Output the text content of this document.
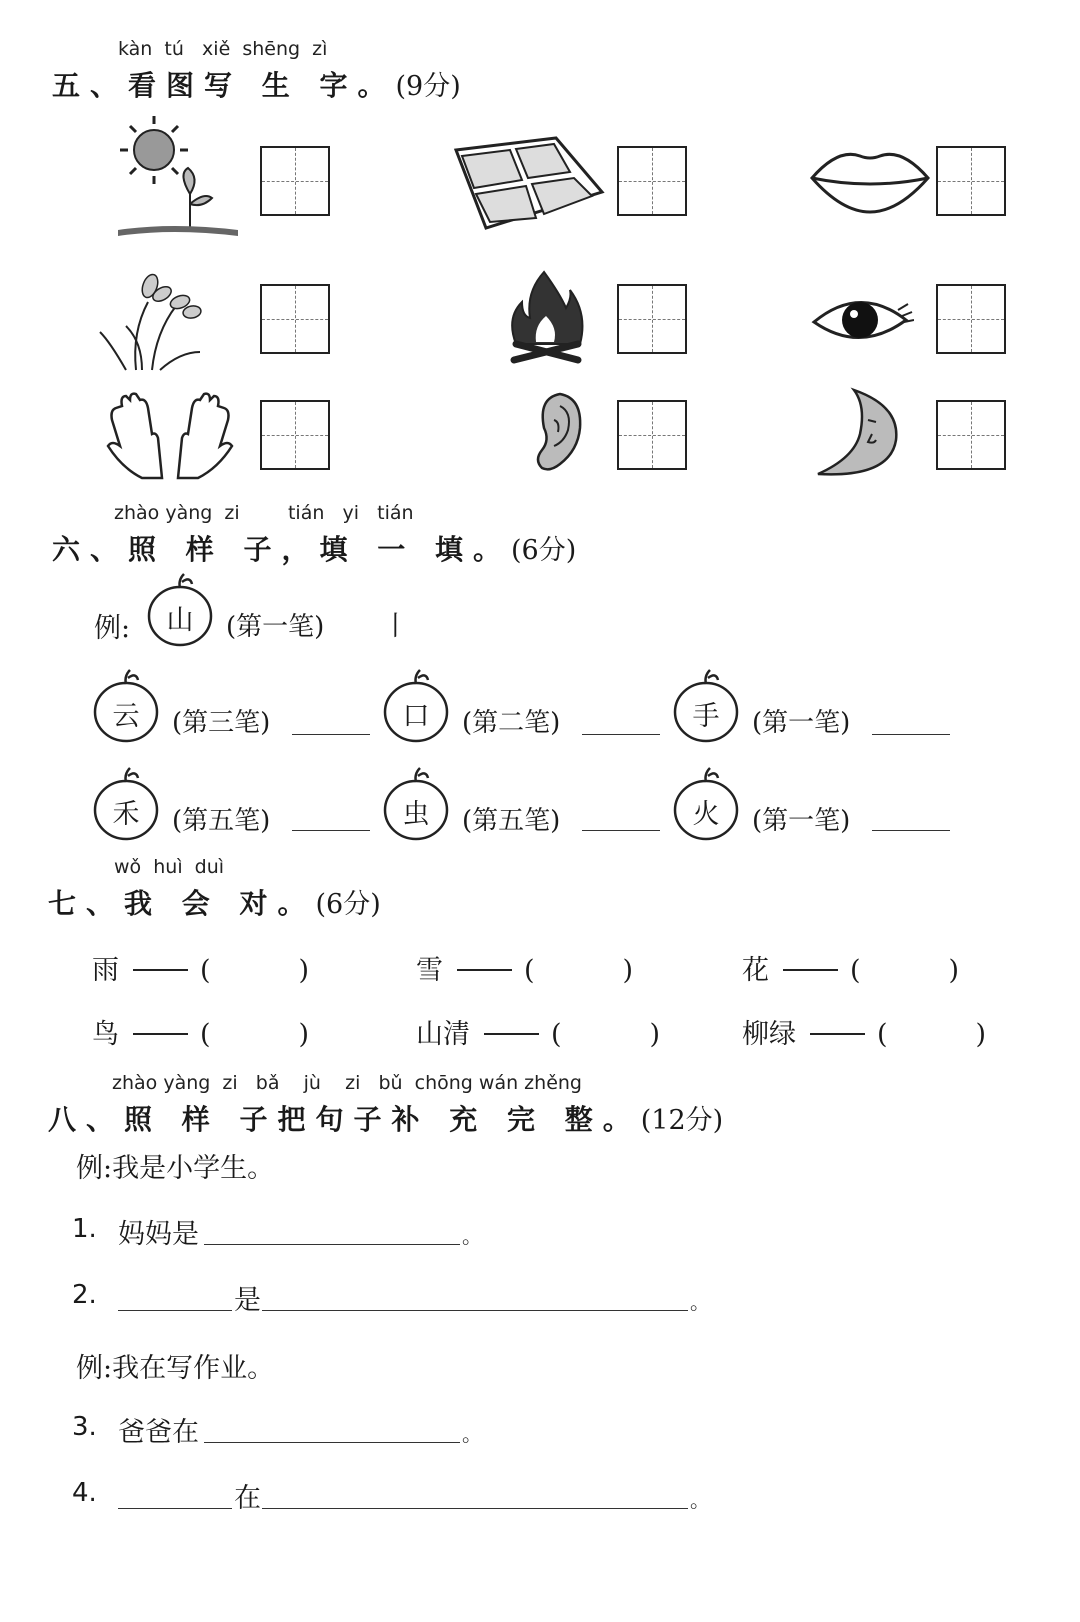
kàn  tú   xiě  shēng  zì
五、看图写 生 字。(9分)
zhào yàng  zi        tián   yi   tián
六、照 样 子，填 一 填。(6分)
例:	山	(第一笔) 丨
云	(第三笔)	口	(第二笔)	手	(第一笔)
禾	(第五笔)	虫	(第五笔)	火	(第一笔)
wǒ  huì  duì
七、我 会 对。(6分)
雨	(	)	雪	(	)	花	(	)
鸟	(	)	山清	(	)	柳绿	(	)
zhào yàng  zi   bǎ    jù    zi   bǔ  chōng wán zhěng
八、照 样 子把句子补 充 完 整。(12分)
例:我是小学生。
1. 妈妈是	。
2.	是	。
例:我在写作业。
3. 爸爸在	。
4.	在	。
